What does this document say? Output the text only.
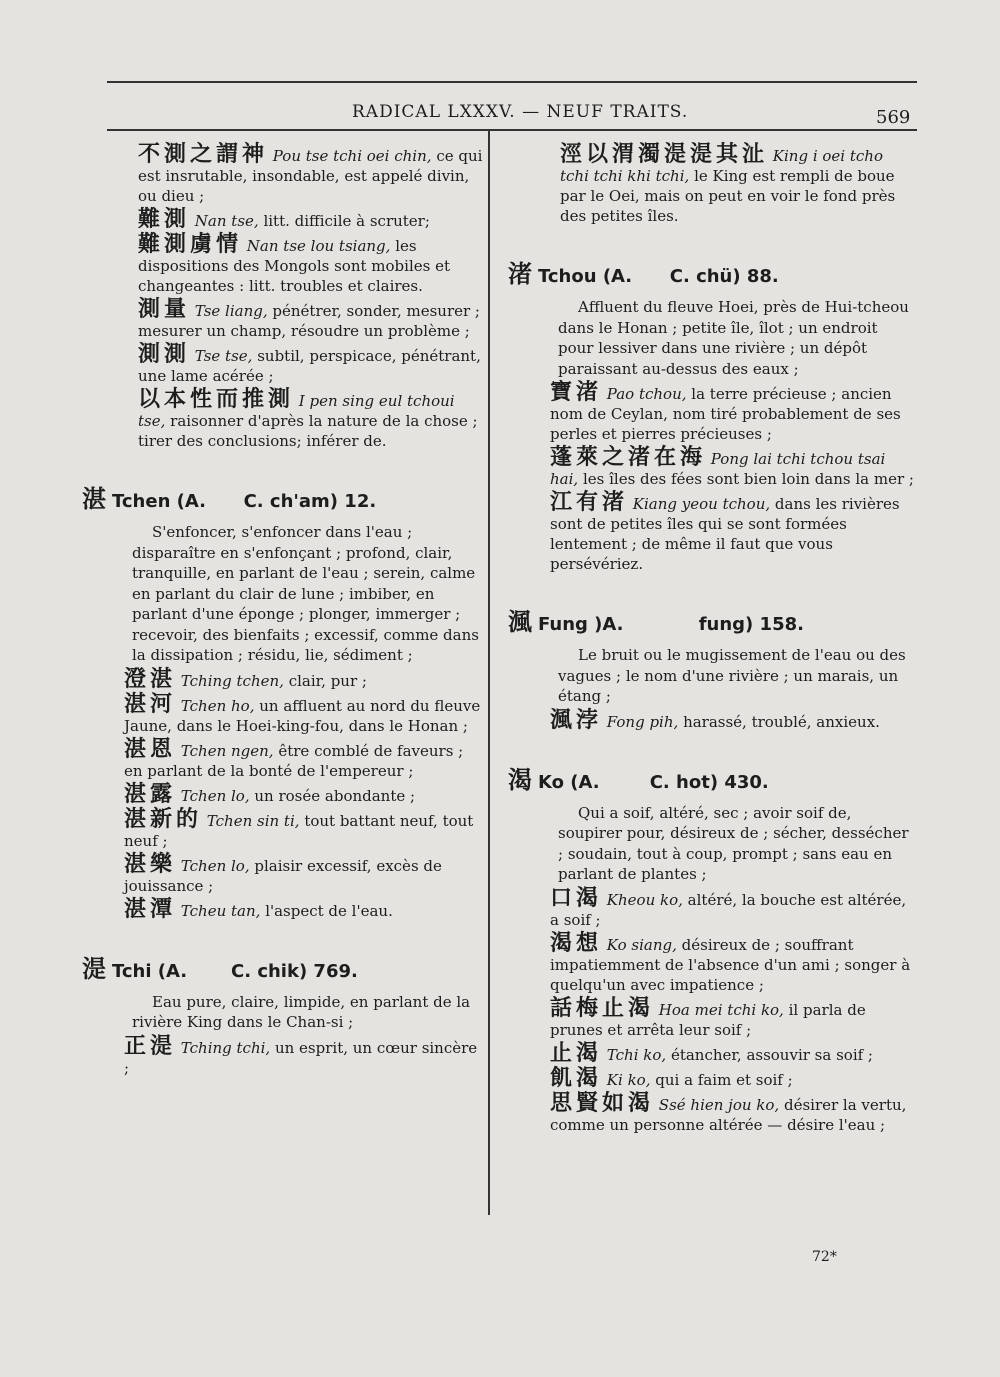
RADICAL LXXXV. — NEUF TRAITS.	569
不測之謂神 Pou tse tchi oei chin, ce qui est insrutable, insondable, est appelé divin, ou dieu ;
難測 Nan tse, litt. difficile à scruter;
難測虜情 Nan tse lou tsiang, les dispositions des Mongols sont mobiles et changeantes : litt. troubles et claires.
測量 Tse liang, pénétrer, sonder, mesurer ; mesurer un champ, résoudre un problème ;
測測 Tse tse, subtil, perspicace, pénétrant, une lame acérée ;
以本性而推測 I pen sing eul tchoui tse, raisonner d'après la nature de la chose ; tirer des conclusions; inférer de.
湛 Tchen (A.      C. ch'am) 12.
S'enfoncer, s'enfoncer dans l'eau ; disparaître en s'enfonçant ; profond, clair, tranquille, en parlant de l'eau ; serein, calme en parlant du clair de lune ; imbiber, en parlant d'une éponge ; plonger, immerger ; recevoir, des bienfaits ; excessif, comme dans la dissipation ; résidu, lie, sédiment ;
澄湛 Tching tchen, clair, pur ;
湛河 Tchen ho, un affluent au nord du fleuve Jaune, dans le Hoei-king-fou, dans le Honan ;
湛恩 Tchen ngen, être comblé de faveurs ; en parlant de la bonté de l'empereur ;
湛露 Tchen lo, un rosée abondante ;
湛新的 Tchen sin ti, tout battant neuf, tout neuf ;
湛樂 Tchen lo, plaisir excessif, excès de jouissance ;
湛潭 Tcheu tan, l'aspect de l'eau.
湜 Tchi (A.       C. chik) 769.
Eau pure, claire, limpide, en parlant de la rivière King dans le Chan-si ;
正湜 Tching tchi, un esprit, un cœur sincère ;
涇以渭濁湜湜其沚 King i oei tcho tchi tchi khi tchi, le King est rempli de boue par le Oei, mais on peut en voir le fond près des petites îles.
渚 Tchou (A.      C. chü) 88.
Affluent du fleuve Hoei, près de Hui-tcheou dans le Honan ; petite île, îlot ; un endroit pour lessiver dans une rivière ; un dépôt paraissant au-dessus des eaux ;
寶渚 Pao tchou, la terre précieuse ; ancien nom de Ceylan, nom tiré probablement de ses perles et pierres précieuses ;
蓬萊之渚在海 Pong lai tchi tchou tsai hai, les îles des fées sont bien loin dans la mer ;
江有渚 Kiang yeou tchou, dans les rivières sont de petites îles qui se sont formées lentement ; de même il faut que vous persévériez.
渢 Fung )A.            fung) 158.
Le bruit ou le mugissement de l'eau ou des vagues ; le nom d'une rivière ; un marais, un étang ;
渢浡 Fong pih, harassé, troublé, anxieux.
渴 Ko (A.        C. hot) 430.
Qui a soif, altéré, sec ; avoir soif de, soupirer pour, désireux de ; sécher, dessécher ; soudain, tout à coup, prompt ; sans eau en parlant de plantes ;
口渴 Kheou ko, altéré, la bouche est altérée, a soif ;
渴想 Ko siang, désireux de ; souffrant impatiemment de l'absence d'un ami ; songer à quelqu'un avec impatience ;
話梅止渴 Hoa mei tchi ko, il parla de prunes et arrêta leur soif ;
止渴 Tchi ko, étancher, assouvir sa soif ;
飢渴 Ki ko, qui a faim et soif ;
思賢如渴 Ssé hien jou ko, désirer la vertu, comme un personne altérée — désire l'eau ;
72*
